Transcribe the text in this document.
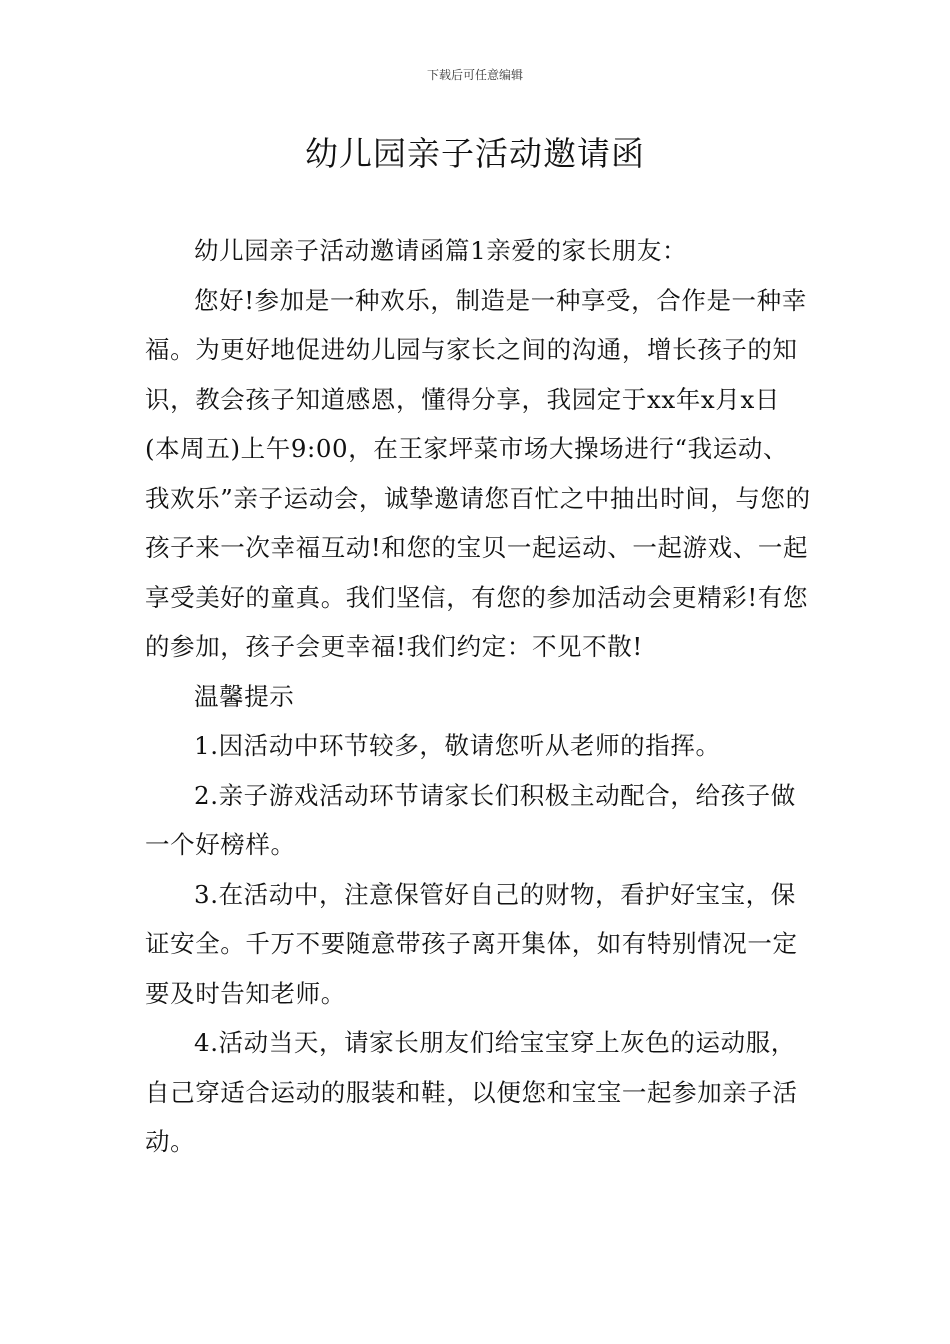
下载后可任意编辑
幼儿园亲子活动邀请函

幼儿园亲子活动邀请函篇1亲爱的家长朋友：

您好!参加是一种欢乐，制造是一种享受，合作是一种幸福。为更好地促进幼儿园与家长之间的沟通，增长孩子的知识，教会孩子知道感恩，懂得分享，我园定于xx年x月x日(本周五)上午9:00，在王家坪菜市场大操场进行“我运动、我欢乐”亲子运动会，诚挚邀请您百忙之中抽出时间，与您的孩子来一次幸福互动!和您的宝贝一起运动、一起游戏、一起享受美好的童真。我们坚信，有您的参加活动会更精彩!有您的参加，孩子会更幸福!我们约定：不见不散!

温馨提示

1.因活动中环节较多，敬请您听从老师的指挥。

2.亲子游戏活动环节请家长们积极主动配合，给孩子做一个好榜样。

3.在活动中，注意保管好自己的财物，看护好宝宝，保证安全。千万不要随意带孩子离开集体，如有特别情况一定要及时告知老师。

4.活动当天，请家长朋友们给宝宝穿上灰色的运动服，自己穿适合运动的服装和鞋，以便您和宝宝一起参加亲子活动。
